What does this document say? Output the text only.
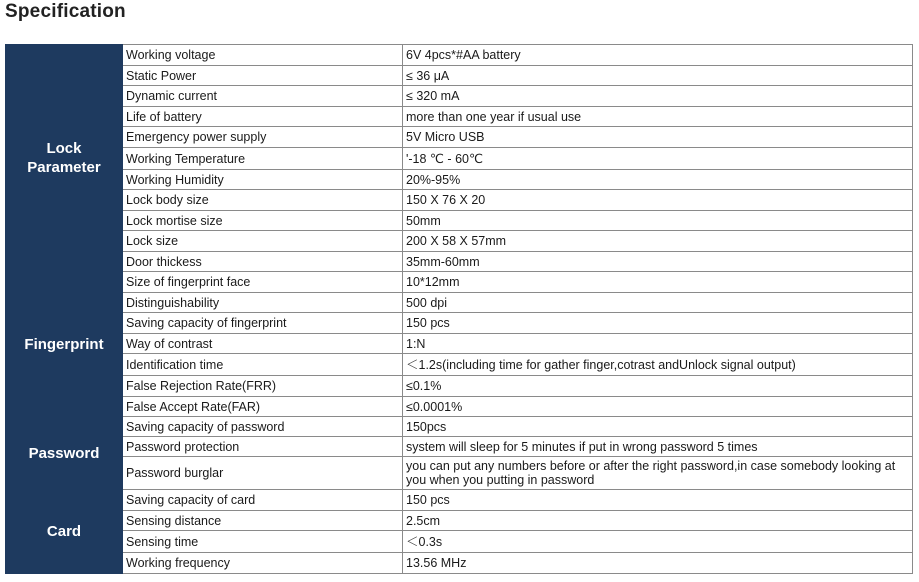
Specification
Lock
Parameter	Working voltage	6V 4pcs*#AA battery
	Static Power	≤ 36 μA
	Dynamic current	≤ 320 mA
	Life of battery	more than one year if usual use
	Emergency power supply	5V Micro USB
	Working Temperature	'-18 ℃ - 60℃
	Working Humidity	20%-95%
	Lock body size	150 X 76 X 20
	Lock mortise size	50mm
	Lock size	200 X 58 X 57mm
	Door thickess	35mm-60mm
Fingerprint	Size of fingerprint face	10*12mm
	Distinguishability	500 dpi
	Saving capacity of fingerprint	150 pcs
	Way of contrast	1:N
	Identification time	＜1.2s(including time for gather finger,cotrast andUnlock signal output)
	False Rejection Rate(FRR)	≤0.1%
	False Accept Rate(FAR)	≤0.0001%
Password	Saving capacity of password	150pcs
	Password protection	system will sleep for 5 minutes if put in wrong password 5 times
	Password burglar	you can put any numbers before or after the right password,in case somebody looking at you when you putting in password
Card	Saving capacity of card	150 pcs
	Sensing distance	2.5cm
	Sensing time	＜0.3s
	Working frequency	13.56 MHz
